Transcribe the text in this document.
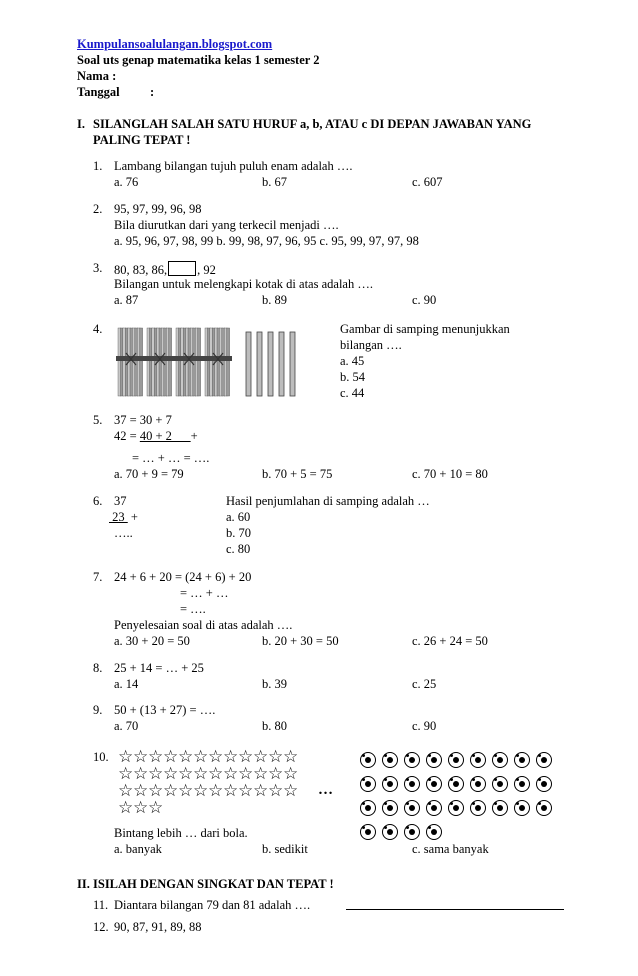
Kumpulansoalulangan.blogspot.com
Soal uts genap matematika kelas 1 semester 2
Nama :
Tanggal :
I. SILANGLAH SALAH SATU HURUF a, b, ATAU c DI DEPAN JAWABAN YANG
PALING TEPAT !
1. Lambang bilangan tujuh puluh enam adalah ….
a. 76	b. 67	c. 607
2. 95, 97, 99, 96, 98
Bila diurutkan dari yang terkecil menjadi ….
a. 95, 96, 97, 98, 99 b. 99, 98, 97, 96, 95 c. 95, 99, 97, 97, 98
3. 80, 83, 86, , 92
Bilangan untuk melengkapi kotak di atas adalah ….
a. 87	b. 89	c. 90
4.	Gambar di samping menunjukkan
bilangan ….
a. 45
b. 54
c. 44
5. 37 = 30 + 7
42 = 40 + 2      +
= … + … = ….
a. 70 + 9 = 79	b. 70 + 5 = 75	c. 70 + 10 = 80
6. 37
23  +
…..
Hasil penjumlahan di samping adalah …
a. 60
b. 70
c. 80
7. 24 + 6 + 20 = (24 + 6) + 20
= … + …
= ….
Penyelesaian soal di atas adalah ….
a. 30 + 20 = 50	b. 20 + 30 = 50	c. 26 + 24 = 50
8. 25 + 14 = … + 25
a. 14	b. 39	c. 25
9. 50 + (13 + 27) = ….
a. 70	b. 80	c. 90
10. ☆☆☆☆☆☆☆☆☆☆☆☆☆☆☆☆☆☆☆☆☆☆☆☆☆☆☆☆☆☆☆☆☆☆☆☆☆☆☆
…
Bintang lebih … dari bola.
a. banyak	b. sedikit	c. sama banyak
II. ISILAH DENGAN SINGKAT DAN TEPAT !
11. Diantara bilangan 79 dan 81 adalah ….
12. 90, 87, 91, 89, 88
